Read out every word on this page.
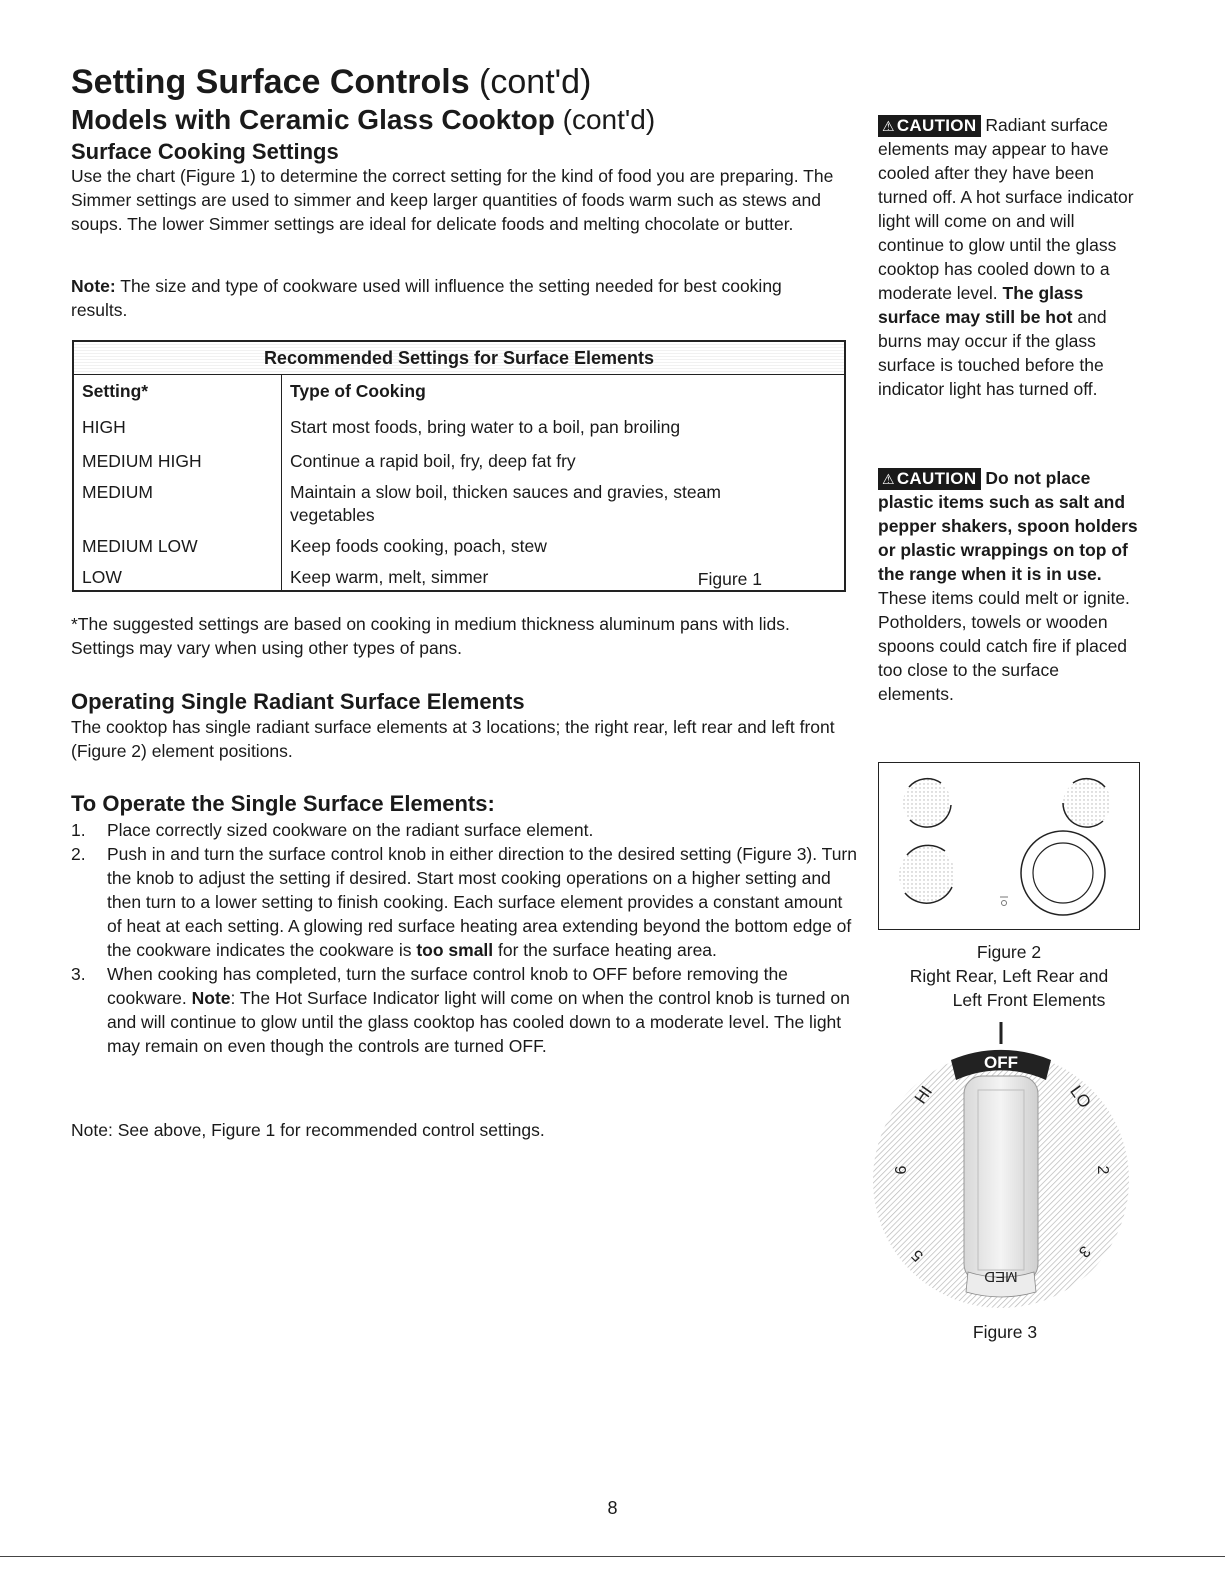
Setting Surface Controls (cont'd)
Models with Ceramic Glass Cooktop (cont'd)
Surface Cooking Settings
Use the chart (Figure 1) to determine the correct setting for the kind of food you are preparing. The Simmer settings are used to simmer and keep larger quantities of foods warm such as stews and soups. The lower Simmer settings are ideal for delicate foods and melting chocolate or butter.
Note: The size and type of cookware used will influence the setting needed for best cooking results.
Recommended Settings for Surface Elements
Setting*	Type of Cooking
HIGH	Start most foods, bring water to a boil, pan broiling
MEDIUM HIGH	Continue a rapid boil, fry, deep fat fry
MEDIUM	Maintain a slow boil, thicken sauces and gravies, steam vegetables
MEDIUM LOW	Keep foods cooking, poach, stew
LOW	Keep warm, melt, simmer	Figure 1
*The suggested settings are based on cooking in medium thickness aluminum pans with lids. Settings may vary when using other types of pans.
Operating Single Radiant Surface Elements
The cooktop has single radiant surface elements at 3 locations; the right rear, left rear and left front (Figure 2) element positions.
To Operate the Single Surface Elements:
1. Place correctly sized cookware on the radiant surface element.
2. Push in and turn the surface control knob in either direction to the desired setting (Figure 3). Turn the knob to adjust the setting if desired. Start most cooking operations on a higher setting and then turn to a lower setting to finish cooking. Each surface element provides a constant amount of heat at each setting. A glowing red surface heating area extending beyond the bottom edge of the cookware indicates the cookware is too small for the surface heating area.
3. When cooking has completed, turn the surface control knob to OFF before removing the cookware. Note: The Hot Surface Indicator light will come on when the control knob is turned on and will continue to glow until the glass cooktop has cooled down to a moderate level. The light may remain on even though the controls are turned OFF.
Note: See above, Figure 1 for recommended control settings.
⚠ CAUTION Radiant surface elements may appear to have cooled after they have been turned off. A hot surface indicator light will come on and will continue to glow until the glass cooktop has cooled down to a moderate level. The glass surface may still be hot and burns may occur if the glass surface is touched before the indicator light has turned off.
⚠ CAUTION Do not place plastic items such as salt and pepper shakers, spoon holders or plastic wrappings on top of the range when it is in use. These items could melt or ignite. Potholders, towels or wooden spoons could catch fire if placed too close to the surface elements.
Figure 2
Right Rear, Left Rear and
Left Front Elements
OFF
HI	LO
6	2
5	3
MED
Figure 3
8
